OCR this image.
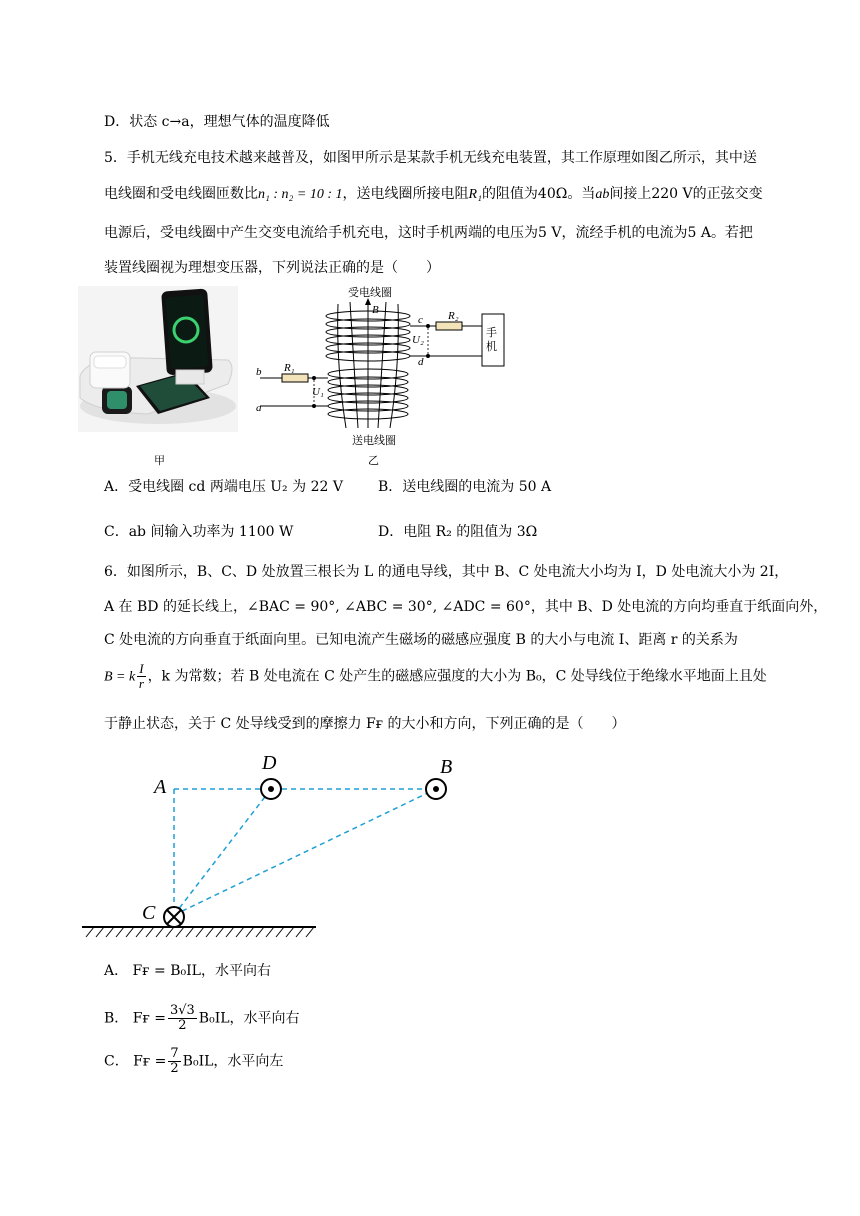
D．状态 c→a，理想气体的温度降低
5．手机无线充电技术越来越普及，如图甲所示是某款手机无线充电装置，其工作原理如图乙所示，其中送
电线圈和受电线圈匝数比n₁ : n₂ = 10 : 1，送电线圈所接电阻R₁的阻值为40Ω。当ab间接上220 V的正弦交变
电源后，受电线圈中产生交变电流给手机充电，这时手机两端的电压为5 V，流经手机的电流为5 A。若把
装置线圈视为理想变压器，下列说法正确的是（　　）
甲
受电线圈
B
c
d
R₂
U₂
手机
b
a
R₁
U₁
送电线圈
乙
A．受电线圈 cd 两端电压 U₂ 为 22 V	B．送电线圈的电流为 50 A
C．ab 间输入功率为 1100 W	D．电阻 R₂ 的阻值为 3Ω
6．如图所示，B、C、D 处放置三根长为 L 的通电导线，其中 B、C 处电流大小均为 I，D 处电流大小为 2I，
A 在 BD 的延长线上，∠BAC = 90°, ∠ABC = 30°, ∠ADC = 60°，其中 B、D 处电流的方向均垂直于纸面向外，
C 处电流的方向垂直于纸面向里。已知电流产生磁场的磁感应强度 B 的大小与电流 I、距离 r 的关系为
B = k $\frac{I}{r}$ ，k 为常数；若 B 处电流在 C 处产生的磁感应强度的大小为 B₀，C 处导线位于绝缘水平地面上且处
于静止状态，关于 C 处导线受到的摩擦力 Fғ 的大小和方向，下列正确的是（　　）
A
D	B
C
A． Fғ = B₀IL，水平向右
B． Fғ = $\frac{3√3}{2} B_0IL$，水平向右
C． Fғ = $\frac{7}{2} B_0IL$，水平向左
